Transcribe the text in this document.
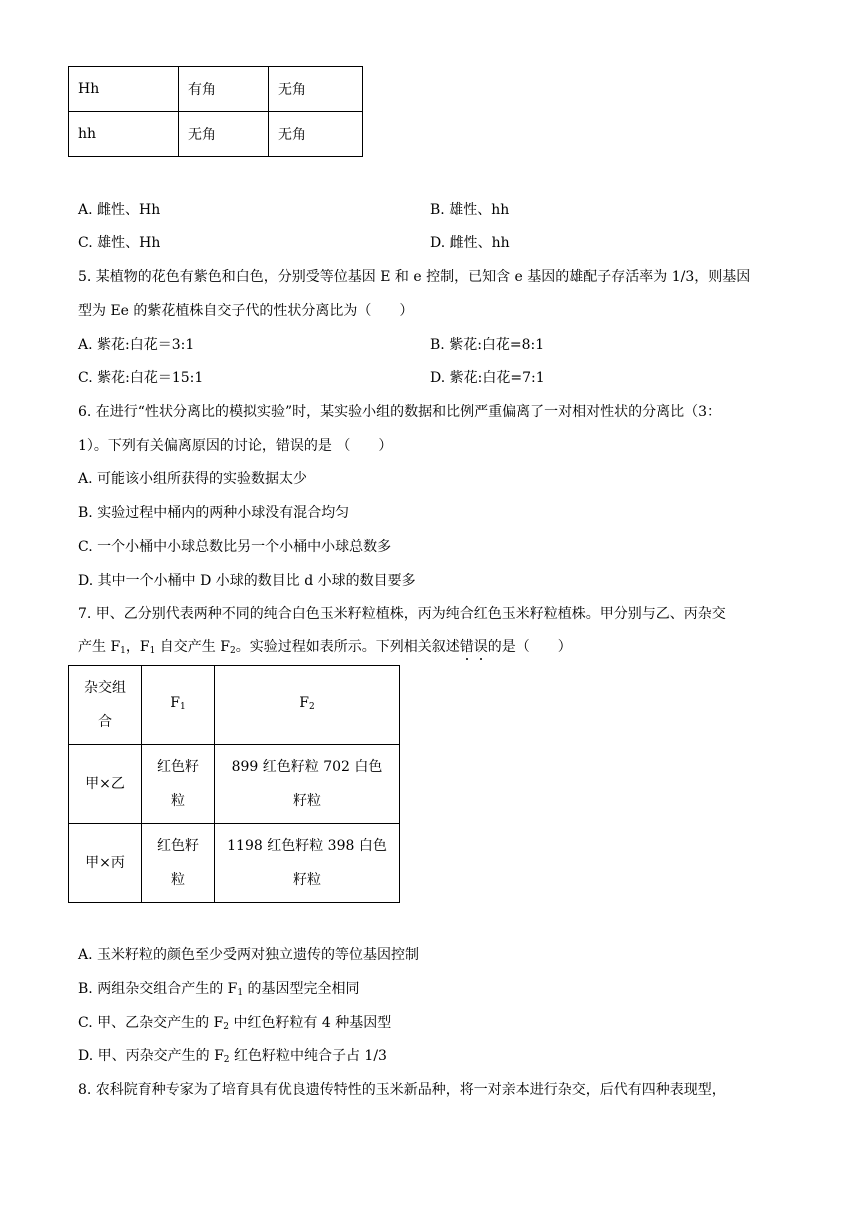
Hh	有角	无角
hh	无角	无角
A. 雌性、Hh	B. 雄性、hh
C. 雄性、Hh	D. 雌性、hh
5. 某植物的花色有紫色和白色，分别受等位基因 E 和 e 控制，已知含 e 基因的雄配子存活率为 1/3，则基因
型为 Ee 的紫花植株自交子代的性状分离比为（　　）
A. 紫花:白花＝3:1	B. 紫花:白花=8:1
C. 紫花:白花＝15:1	D. 紫花:白花=7:1
6. 在进行“性状分离比的模拟实验”时，某实验小组的数据和比例严重偏离了一对相对性状的分离比（3：
1）。下列有关偏离原因的讨论，错误的是 （　　）
A. 可能该小组所获得的实验数据太少
B. 实验过程中桶内的两种小球没有混合均匀
C. 一个小桶中小球总数比另一个小桶中小球总数多
D. 其中一个小桶中 D 小球的数目比 d 小球的数目要多
7. 甲、乙分别代表两种不同的纯合白色玉米籽粒植株，丙为纯合红色玉米籽粒植株。甲分别与乙、丙杂交
产生 $F_1$，$F_1$ 自交产生 $F_2$。实验过程如表所示。下列相关叙述错误的是（　　）
杂交组合	$F_1$	$F_2$
甲×乙	红色籽粒	899 红色籽粒 702 白色籽粒
甲×丙	红色籽粒	1198 红色籽粒 398 白色籽粒
A. 玉米籽粒的颜色至少受两对独立遗传的等位基因控制
B. 两组杂交组合产生的 $F_1$ 的基因型完全相同
C. 甲、乙杂交产生的 $F_2$ 中红色籽粒有 4 种基因型
D. 甲、丙杂交产生的 $F_2$ 红色籽粒中纯合子占 1/3
8. 农科院育种专家为了培育具有优良遗传特性的玉米新品种，将一对亲本进行杂交，后代有四种表现型，
